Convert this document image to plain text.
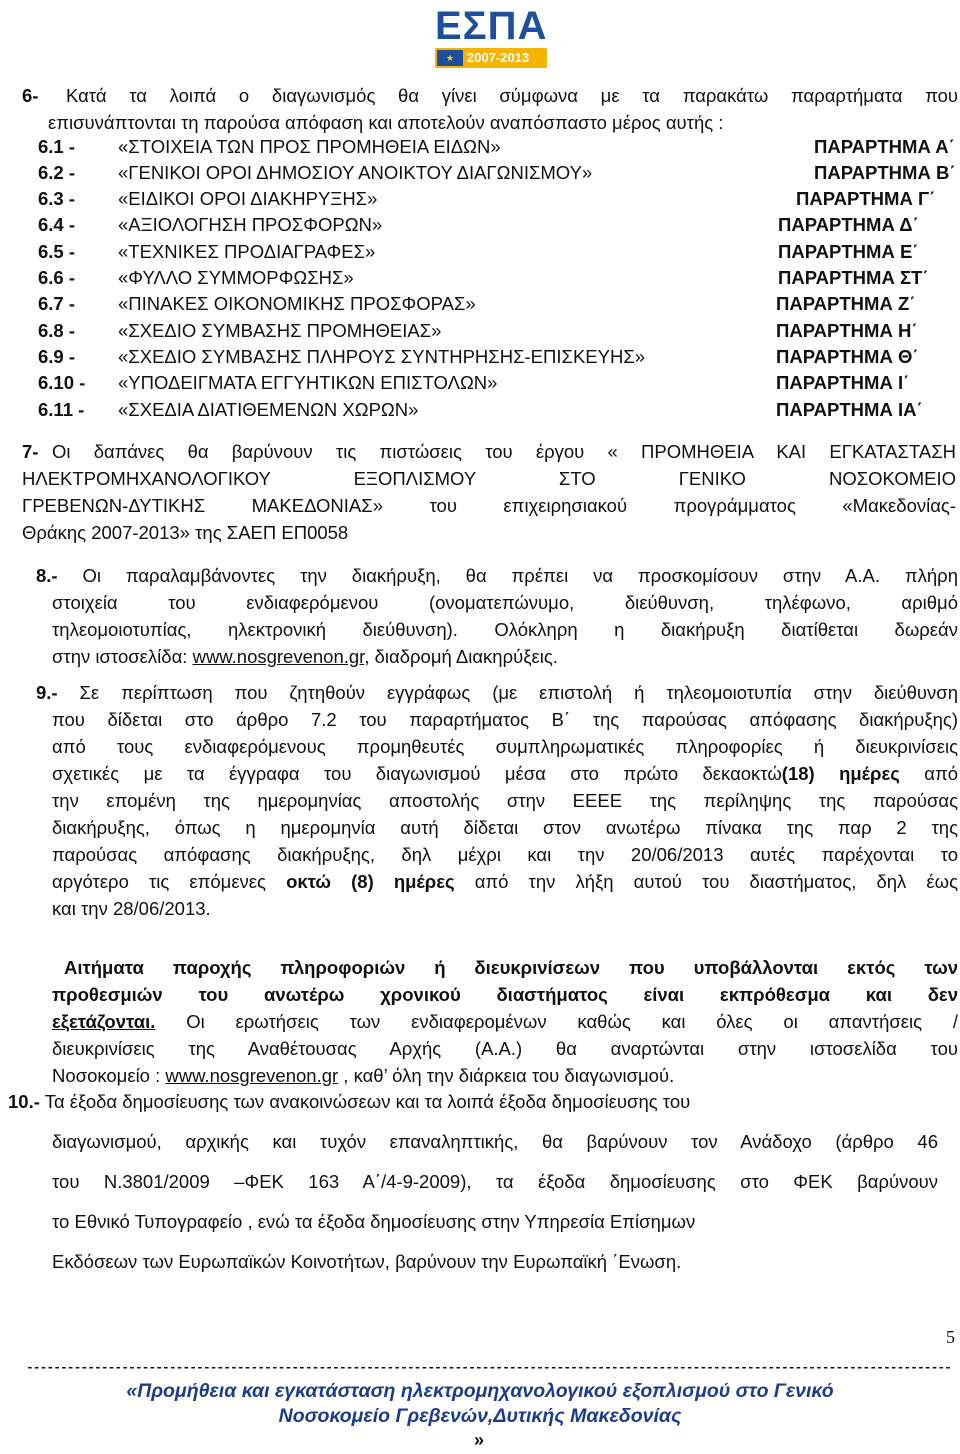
ΕΣΠΑ
★ 2007-2013
6- Κατά τα λοιπά ο διαγωνισμός θα γίνει σύμφωνα με τα παρακάτω παραρτήματα που
επισυνάπτονται τη παρούσα απόφαση και αποτελούν αναπόσπαστο μέρος αυτής :
6.1 - «ΣΤΟΙΧΕΙΑ ΤΩΝ ΠΡΟΣ ΠΡΟΜΗΘΕΙΑ ΕΙΔΩΝ»	ΠΑΡΑΡΤΗΜΑ Α΄
6.2 - «ΓΕΝΙΚΟΙ ΟΡΟΙ ΔΗΜΟΣΙΟΥ ΑΝΟΙΚΤΟΥ ΔΙΑΓΩΝΙΣΜΟΥ»	ΠΑΡΑΡΤΗΜΑ Β΄
6.3 - «ΕΙΔΙΚΟΙ ΟΡΟΙ ΔΙΑΚΗΡΥΞΗΣ»	ΠΑΡΑΡΤΗΜΑ Γ΄
6.4 - «ΑΞΙΟΛΟΓΗΣΗ ΠΡΟΣΦΟΡΩΝ»	ΠΑΡΑΡΤΗΜΑ Δ΄
6.5 - «ΤΕΧΝΙΚΕΣ ΠΡΟΔΙΑΓΡΑΦΕΣ»	ΠΑΡΑΡΤΗΜΑ Ε΄
6.6 - «ΦΥΛΛΟ ΣΥΜΜΟΡΦΩΣΗΣ»	ΠΑΡΑΡΤΗΜΑ ΣΤ΄
6.7 - «ΠΙΝΑΚΕΣ ΟΙΚΟΝΟΜΙΚΗΣ ΠΡΟΣΦΟΡΑΣ»	ΠΑΡΑΡΤΗΜΑ Ζ΄
6.8 - «ΣΧΕΔΙΟ ΣΥΜΒΑΣΗΣ ΠΡΟΜΗΘΕΙΑΣ»	ΠΑΡΑΡΤΗΜΑ Η΄
6.9 - «ΣΧΕΔΙΟ ΣΥΜΒΑΣΗΣ ΠΛΗΡΟΥΣ ΣΥΝΤΗΡΗΣΗΣ-ΕΠΙΣΚΕΥΗΣ»	ΠΑΡΑΡΤΗΜΑ Θ΄
6.10 - «ΥΠΟΔΕΙΓΜΑΤΑ ΕΓΓΥΗΤΙΚΩΝ ΕΠΙΣΤΟΛΩΝ»	ΠΑΡΑΡΤΗΜΑ Ι΄
6.11 - «ΣΧΕΔΙΑ ΔΙΑΤΙΘΕΜΕΝΩΝ ΧΩΡΩΝ»	ΠΑΡΑΡΤΗΜΑ ΙΑ΄
7- Οι δαπάνες θα βαρύνουν τις πιστώσεις του έργου « ΠΡΟΜΗΘΕΙΑ ΚΑΙ ΕΓΚΑΤΑΣΤΑΣΗ
ΗΛΕΚΤΡΟΜΗΧΑΝΟΛΟΓΙΚΟΥ ΕΞΟΠΛΙΣΜΟΥ ΣΤΟ ΓΕΝΙΚΟ ΝΟΣΟΚΟΜΕΙΟ
ΓΡΕΒΕΝΩΝ-ΔΥΤΙΚΗΣ ΜΑΚΕΔΟΝΙΑΣ» του επιχειρησιακού προγράμματος «Μακεδονίας-
Θράκης 2007-2013» της ΣΑΕΠ ΕΠ0058
8.- Οι παραλαμβάνοντες την διακήρυξη, θα πρέπει να προσκομίσουν στην Α.Α. πλήρη
στοιχεία του ενδιαφερόμενου (ονοματεπώνυμο, διεύθυνση, τηλέφωνο, αριθμό
τηλεομοιοτυπίας, ηλεκτρονική διεύθυνση). Ολόκληρη η διακήρυξη διατίθεται δωρεάν
στην ιστοσελίδα: www.nosgrevenon.gr, διαδρομή Διακηρύξεις.
9.- Σε περίπτωση που ζητηθούν εγγράφως (με επιστολή ή τηλεομοιοτυπία στην διεύθυνση
που δίδεται στο άρθρο 7.2 του παραρτήματος Β΄ της παρούσας απόφασης διακήρυξης)
από τους ενδιαφερόμενους προμηθευτές συμπληρωματικές πληροφορίες ή διευκρινίσεις
σχετικές με τα έγγραφα του διαγωνισμού μέσα στο πρώτο δεκαοκτώ(18) ημέρες από
την επομένη της ημερομηνίας αποστολής στην ΕΕΕΕ της περίληψης της παρούσας
διακήρυξης, όπως η ημερομηνία αυτή δίδεται στον ανωτέρω πίνακα της παρ 2 της
παρούσας απόφασης διακήρυξης, δηλ μέχρι και την 20/06/2013 αυτές παρέχονται το
αργότερο τις επόμενες οκτώ (8) ημέρες από την λήξη αυτού του διαστήματος, δηλ έως
και την 28/06/2013.
Αιτήματα παροχής πληροφοριών ή διευκρινίσεων που υποβάλλονται εκτός των
προθεσμιών του ανωτέρω χρονικού διαστήματος είναι εκπρόθεσμα και δεν
εξετάζονται. Οι ερωτήσεις των ενδιαφερομένων καθώς και όλες οι απαντήσεις /
διευκρινίσεις της Αναθέτουσας Αρχής (Α.Α.) θα αναρτώνται στην ιστοσελίδα του
Νοσοκομείο : www.nosgrevenon.gr , καθ’ όλη την διάρκεια του διαγωνισμού.
10.- Τα έξοδα δημοσίευσης των ανακοινώσεων και τα λοιπά έξοδα δημοσίευσης του
διαγωνισμού, αρχικής και τυχόν επαναληπτικής, θα βαρύνουν τον Ανάδοχο (άρθρο 46
του Ν.3801/2009 –ΦΕΚ 163 Α΄/4-9-2009), τα έξοδα δημοσίευσης στο ΦΕΚ βαρύνουν
το Εθνικό Τυπογραφείο , ενώ τα έξοδα δημοσίευσης στην Υπηρεσία Επίσημων
Εκδόσεων των Ευρωπαϊκών Κοινοτήτων, βαρύνουν την Ευρωπαϊκή ΄Ενωση.
5
----------------------------------------------------------------------------------------------------------------------------------------
«Προμήθεια και εγκατάσταση ηλεκτρομηχανολογικού εξοπλισμού στο Γενικό
Νοσοκομείο Γρεβενών,Δυτικής Μακεδονίας
»
